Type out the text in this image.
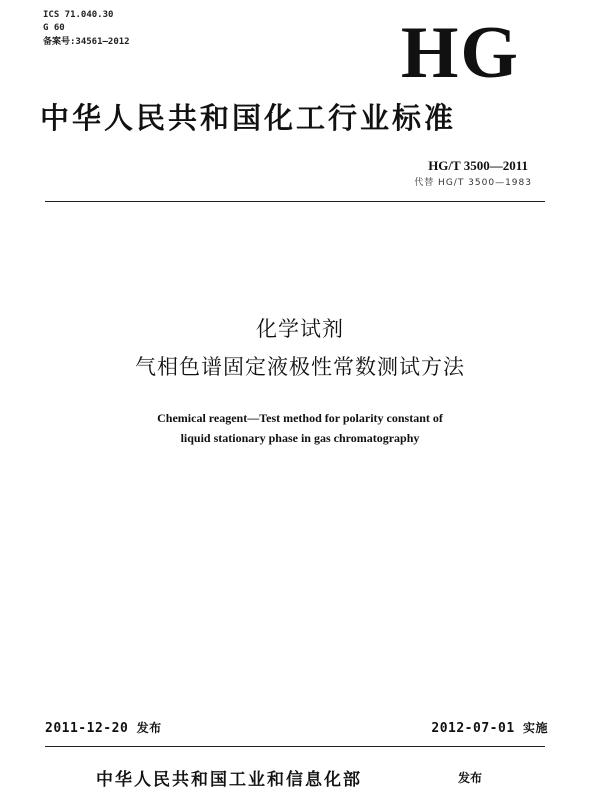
ICS 71.040.30
G 60
备案号:34561—2012	HG
中华人民共和国化工行业标准
HG/T 3500—2011
代替 HG/T 3500—1983
化学试剂
气相色谱固定液极性常数测试方法
Chemical reagent—Test method for polarity constant of
liquid stationary phase in gas chromatography
2011-12-20 发布	2012-07-01 实施
中华人民共和国工业和信息化部	发布
